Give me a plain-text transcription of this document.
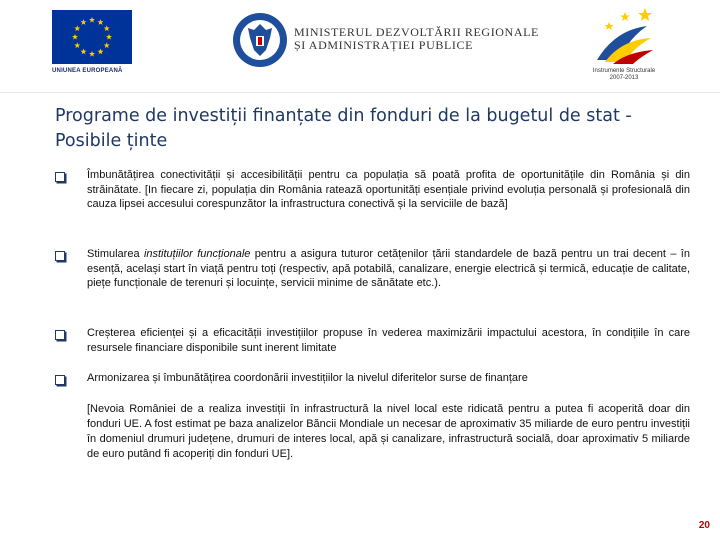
UNIUNEA EUROPEANĂ
MINISTERUL DEZVOLTĂRII REGIONALE
ȘI ADMINISTRAȚIEI PUBLICE
Instrumente Structurale
2007-2013
Programe de investiții finanțate din fonduri de la bugetul de stat - Posibile ținte
Îmbunătățirea conectivității și accesibilității pentru ca populația să poată profita de oportunitățile din România și din străinătate. [In fiecare zi, populația din România ratează oportunități esențiale privind evoluția personală și profesională din cauza lipsei accesului corespunzător la infrastructura conectivă și la serviciile de bază]
Stimularea instituțiilor funcționale pentru a asigura tuturor cetățenilor țării standardele de bază pentru un trai decent – în esență, același start în viață pentru toți (respectiv, apă potabilă, canalizare, energie electrică și termică, educație de calitate, piețe funcționale de terenuri și locuințe, servicii minime de sănătate etc.).
Creșterea eficienței și a eficacității investițiilor propuse în vederea maximizării impactului acestora, în condițiile în care resursele financiare disponibile sunt inerent limitate
Armonizarea și îmbunătățirea coordonării investițiilor la nivelul diferitelor surse de finanțare
[Nevoia României de a realiza investiții în infrastructură la nivel local este ridicată pentru a putea fi acoperită doar din fonduri UE. A fost estimat pe baza analizelor Băncii Mondiale un necesar de aproximativ 35 miliarde de euro pentru investiții în domeniul drumuri județene, drumuri de interes local, apă și canalizare, infrastructură socială, doar aproximativ 5 miliarde de euro putând fi acoperiți din fonduri UE].
20
